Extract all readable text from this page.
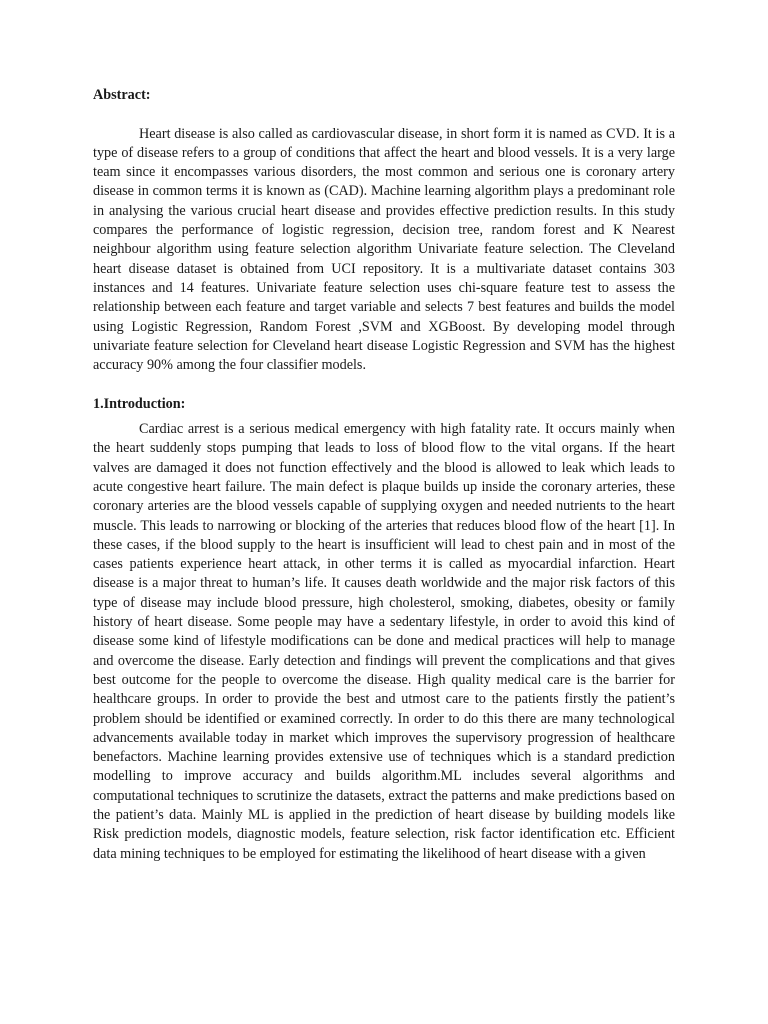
Abstract:

Heart disease is also called as cardiovascular disease, in short form it is named as CVD. It is a type of disease refers to a group of conditions that affect the heart and blood vessels. It is a very large team since it encompasses various disorders, the most common and serious one is coronary artery disease in common terms it is known as (CAD). Machine learning algorithm plays a predominant role in analysing the various crucial heart disease and provides effective prediction results. In this study compares the performance of logistic regression, decision tree, random forest and K Nearest neighbour algorithm using feature selection algorithm Univariate feature selection. The Cleveland heart disease dataset is obtained from UCI repository. It is a multivariate dataset contains 303 instances and 14 features. Univariate feature selection uses chi-square feature test to assess the relationship between each feature and target variable and selects 7 best features and builds the model using Logistic Regression, Random Forest ,SVM and XGBoost. By developing model through univariate feature selection for Cleveland heart disease Logistic Regression and SVM has the highest accuracy 90% among the four classifier models.

1.Introduction:

Cardiac arrest is a serious medical emergency with high fatality rate. It occurs mainly when the heart suddenly stops pumping that leads to loss of blood flow to the vital organs. If the heart valves are damaged it does not function effectively and the blood is allowed to leak which leads to acute congestive heart failure. The main defect is plaque builds up inside the coronary arteries, these coronary arteries are the blood vessels capable of supplying oxygen and needed nutrients to the heart muscle. This leads to narrowing or blocking of the arteries that reduces blood flow of the heart [1]. In these cases, if the blood supply to the heart is insufficient will lead to chest pain and in most of the cases patients experience heart attack, in other terms it is called as myocardial infarction. Heart disease is a major threat to human’s life. It causes death worldwide and the major risk factors of this type of disease may include blood pressure, high cholesterol, smoking, diabetes, obesity or family history of heart disease. Some people may have a sedentary lifestyle, in order to avoid this kind of disease some kind of lifestyle modifications can be done and medical practices will help to manage and overcome the disease. Early detection and findings will prevent the complications and that gives best outcome for the people to overcome the disease. High quality medical care is the barrier for healthcare groups. In order to provide the best and utmost care to the patients firstly the patient’s problem should be identified or examined correctly. In order to do this there are many technological advancements available today in market which improves the supervisory progression of healthcare benefactors. Machine learning provides extensive use of techniques which is a standard prediction modelling to improve accuracy and builds algorithm.ML includes several algorithms and computational techniques to scrutinize the datasets, extract the patterns and make predictions based on the patient’s data. Mainly ML is applied in the prediction of heart disease by building models like Risk prediction models, diagnostic models, feature selection, risk factor identification etc. Efficient data mining techniques to be employed for estimating the likelihood of heart disease with a given
